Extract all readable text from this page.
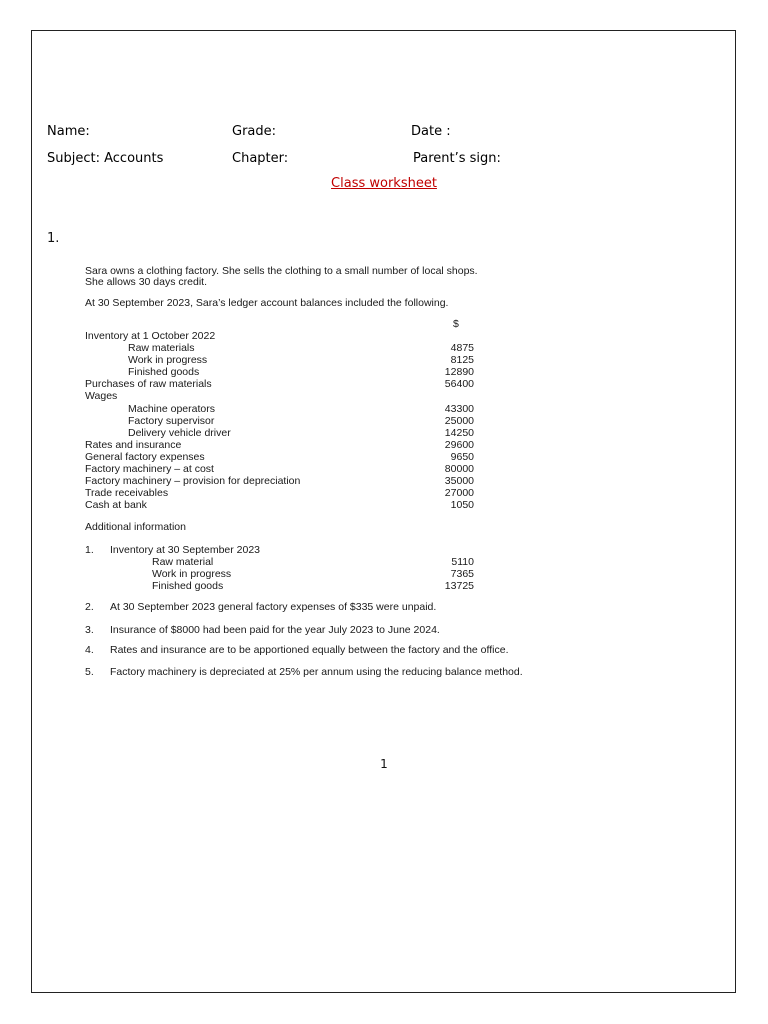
Name:	Grade:	Date :
Subject: Accounts	Chapter:	Parent’s sign:
Class worksheet
1.
Sara owns a clothing factory. She sells the clothing to a small number of local shops.
She allows 30 days credit.
At 30 September 2023, Sara’s ledger account balances included the following.
$
Inventory at 1 October 2022
Raw materials	4875
Work in progress	8125
Finished goods	12890
Purchases of raw materials	56400
Wages
Machine operators	43300
Factory supervisor	25000
Delivery vehicle driver	14250
Rates and insurance	29600
General factory expenses	9650
Factory machinery – at cost	80000
Factory machinery – provision for depreciation	35000
Trade receivables	27000
Cash at bank	1050
Additional information
1. Inventory at 30 September 2023
Raw material	5110
Work in progress	7365
Finished goods	13725
2. At 30 September 2023 general factory expenses of $335 were unpaid.
3. Insurance of $8000 had been paid for the year July 2023 to June 2024.
4. Rates and insurance are to be apportioned equally between the factory and the office.
5. Factory machinery is depreciated at 25% per annum using the reducing balance method.
1
